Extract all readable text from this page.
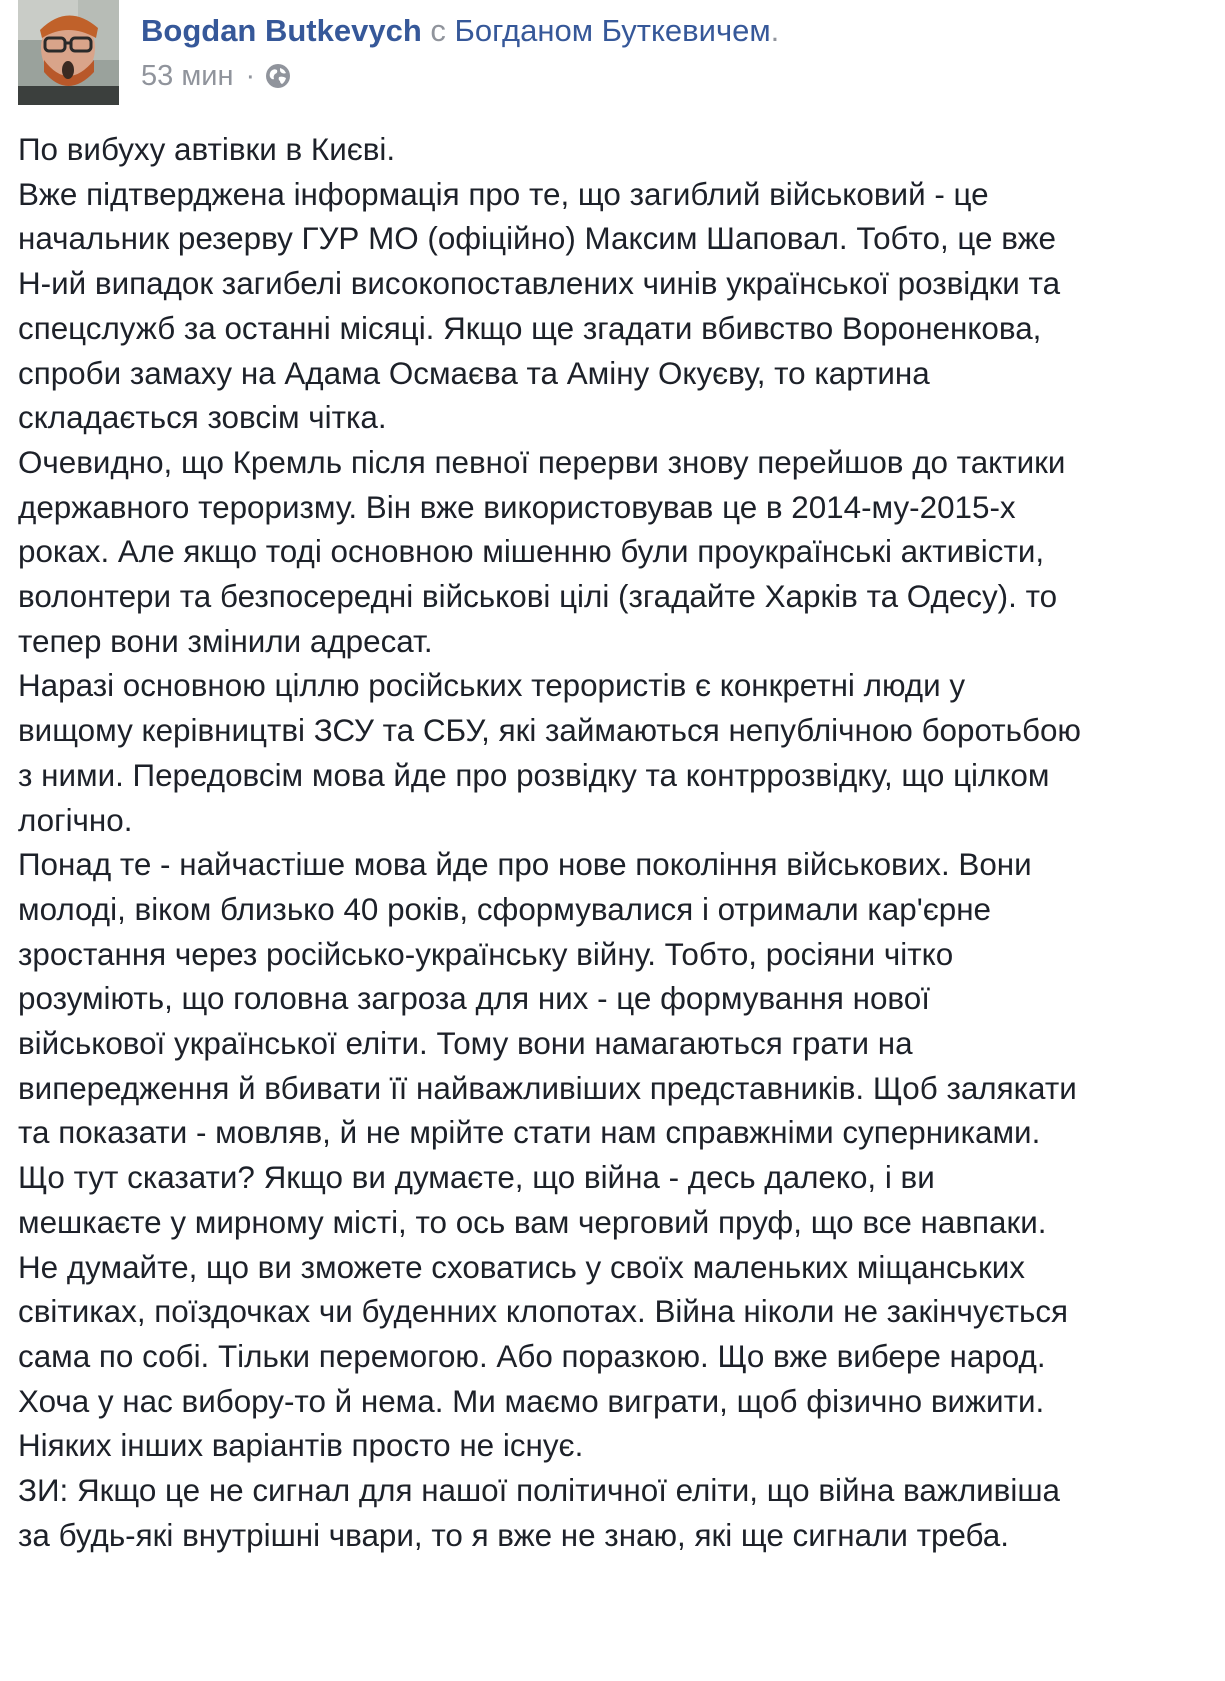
Bogdan Butkevych с Богданом Буткевичем.
53 мин ·
По вибуху автівки в Києві.
Вже підтверджена інформація про те, що загиблий військовий - це
начальник резерву ГУР МО (офіційно) Максим Шаповал. Тобто, це вже
Н-ий випадок загибелі високопоставлених чинів української розвідки та
спецслужб за останні місяці. Якщо ще згадати вбивство Вороненкова,
спроби замаху на Адама Осмаєва та Аміну Окуєву, то картина
складається зовсім чітка.
Очевидно, що Кремль після певної перерви знову перейшов до тактики
державного тероризму. Він вже використовував це в 2014-му-2015-х
роках. Але якщо тоді основною мішенню були проукраїнські активісти,
волонтери та безпосередні військові цілі (згадайте Харків та Одесу). то
тепер вони змінили адресат.
Наразі основною ціллю російських терористів є конкретні люди у
вищому керівництві ЗСУ та СБУ, які займаються непублічною боротьбою
з ними. Передовсім мова йде про розвідку та контррозвідку, що цілком
логічно.
Понад те - найчастіше мова йде про нове покоління військових. Вони
молоді, віком близько 40 років, сформувалися і отримали кар'єрне
зростання через російсько-українську війну. Тобто, росіяни чітко
розуміють, що головна загроза для них - це формування нової
військової української еліти. Тому вони намагаються грати на
випередження й вбивати її найважливіших представників. Щоб залякати
та показати - мовляв, й не мрійте стати нам справжніми суперниками.
Що тут сказати? Якщо ви думаєте, що війна - десь далеко, і ви
мешкаєте у мирному місті, то ось вам черговий пруф, що все навпаки.
Не думайте, що ви зможете сховатись у своїх маленьких міщанських
світиках, поїздочках чи буденних клопотах. Війна ніколи не закінчується
сама по собі. Тільки перемогою. Або поразкою. Що вже вибере народ.
Хоча у нас вибору-то й нема. Ми маємо виграти, щоб фізично вижити.
Ніяких інших варіантів просто не існує.
ЗИ: Якщо це не сигнал для нашої політичної еліти, що війна важливіша
за будь-які внутрішні чвари, то я вже не знаю, які ще сигнали треба.
